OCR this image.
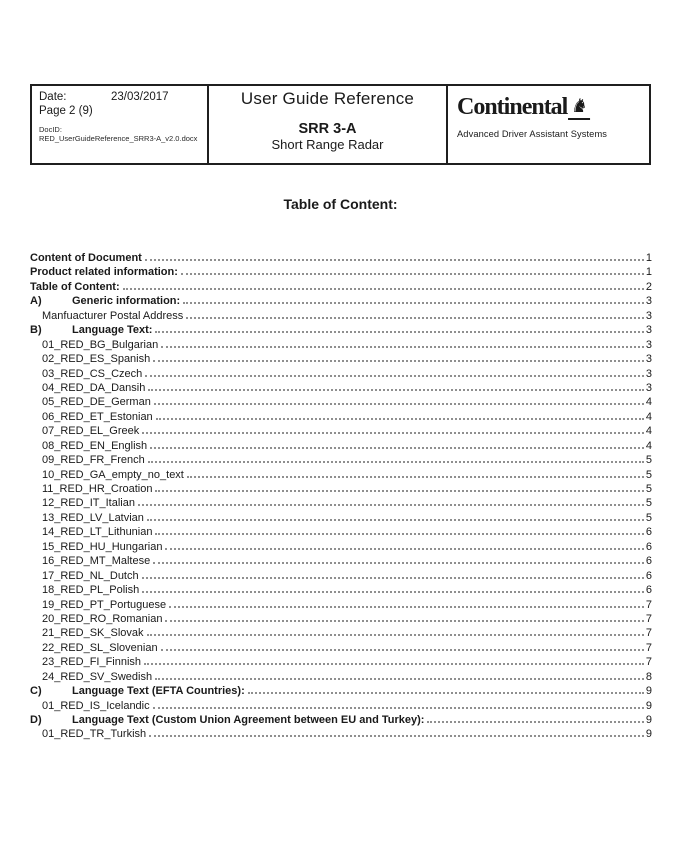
Date:	23/03/2017
Page 2 (9)
DocID:
RED_UserGuideReference_SRR3-A_v2.0.docx
User Guide Reference
SRR 3-A
Short Range Radar
Continental ♞
Advanced Driver Assistant Systems
Table of Content:
Content of Document	1
Product related information:	1
Table of Content:	2
A)	Generic information:	3
Manfuacturer Postal Address	3
B)	Language Text:	3
01_RED_BG_Bulgarian	3
02_RED_ES_Spanish	3
03_RED_CS_Czech	3
04_RED_DA_Dansih	3
05_RED_DE_German	4
06_RED_ET_Estonian	4
07_RED_EL_Greek	4
08_RED_EN_English	4
09_RED_FR_French	5
10_RED_GA_empty_no_text	5
11_RED_HR_Croation	5
12_RED_IT_Italian	5
13_RED_LV_Latvian	5
14_RED_LT_Lithunian	6
15_RED_HU_Hungarian	6
16_RED_MT_Maltese	6
17_RED_NL_Dutch	6
18_RED_PL_Polish	6
19_RED_PT_Portuguese	7
20_RED_RO_Romanian	7
21_RED_SK_Slovak	7
22_RED_SL_Slovenian	7
23_RED_FI_Finnish	7
24_RED_SV_Swedish	8
C)	Language Text (EFTA Countries):	9
01_RED_IS_Icelandic	9
D)	Language Text (Custom Union Agreement between EU and Turkey):	9
01_RED_TR_Turkish	9
